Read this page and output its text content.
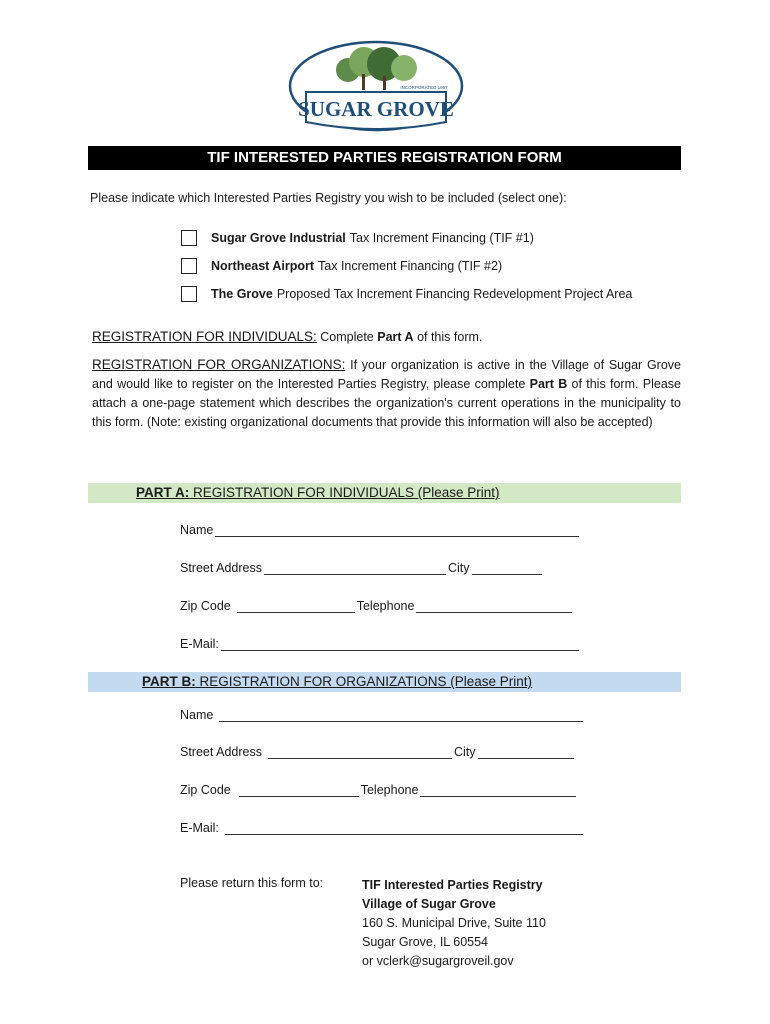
INCORPORATED 1957
SUGAR GROVE
TIF INTERESTED PARTIES REGISTRATION FORM
Please indicate which Interested Parties Registry you wish to be included (select one):
Sugar Grove Industrial Tax Increment Financing (TIF #1)
Northeast Airport Tax Increment Financing (TIF #2)
The Grove Proposed Tax Increment Financing Redevelopment Project Area
REGISTRATION FOR INDIVIDUALS: Complete Part A of this form.
REGISTRATION FOR ORGANIZATIONS: If your organization is active in the Village of Sugar Grove and would like to register on the Interested Parties Registry, please complete Part B of this form. Please attach a one-page statement which describes the organization's current operations in the municipality to this form. (Note: existing organizational documents that provide this information will also be accepted)
PART A: REGISTRATION FOR INDIVIDUALS (Please Print)
Name
Street Address	City
Zip Code	Telephone
E-Mail:
PART B: REGISTRATION FOR ORGANIZATIONS (Please Print)
Name
Street Address	City
Zip Code	Telephone
E-Mail:
Please return this form to:	TIF Interested Parties Registry
Village of Sugar Grove
160 S. Municipal Drive, Suite 110
Sugar Grove, IL 60554
or vclerk@sugargroveil.gov
